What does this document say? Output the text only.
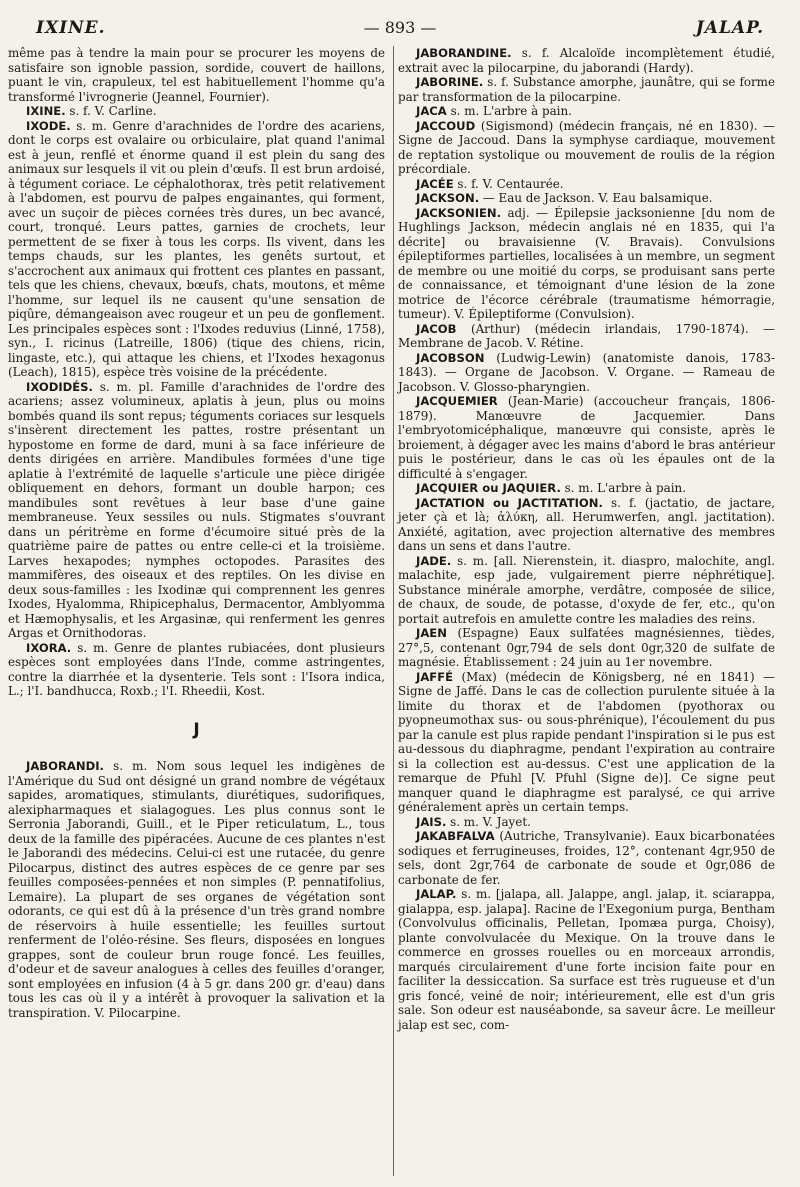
IXINE.	— 893 —	JALAP.

même pas à tendre la main pour se procurer les moyens de satisfaire son ignoble passion, sordide, couvert de haillons, puant le vin, crapuleux, tel est habituellement l'homme qu'a transformé l'ivrognerie (Jeannel, Fournier).

IXINE. s. f. V. Carline.

IXODE. s. m. Genre d'arachnides de l'ordre des acariens, dont le corps est ovalaire ou orbiculaire, plat quand l'animal est à jeun, renflé et énorme quand il est plein du sang des animaux sur lesquels il vit ou plein d'œufs. Il est brun ardoisé, à tégument coriace. Le céphalothorax, très petit relativement à l'abdomen, est pourvu de palpes engainantes, qui forment, avec un suçoir de pièces cornées très dures, un bec avancé, court, tronqué. Leurs pattes, garnies de crochets, leur permettent de se fixer à tous les corps. Ils vivent, dans les temps chauds, sur les plantes, les genêts surtout, et s'accrochent aux animaux qui frottent ces plantes en passant, tels que les chiens, chevaux, bœufs, chats, moutons, et même l'homme, sur lequel ils ne causent qu'une sensation de piqûre, démangeaison avec rougeur et un peu de gonflement. Les principales espèces sont : l'Ixodes reduvius (Linné, 1758), syn., I. ricinus (Latreille, 1806) (tique des chiens, ricin, lingaste, etc.), qui attaque les chiens, et l'Ixodes hexagonus (Leach), 1815), espèce très voisine de la précédente.

IXODIDÉS. s. m. pl. Famille d'arachnides de l'ordre des acariens; assez volumineux, aplatis à jeun, plus ou moins bombés quand ils sont repus; téguments coriaces sur lesquels s'insèrent directement les pattes, rostre présentant un hypostome en forme de dard, muni à sa face inférieure de dents dirigées en arrière. Mandibules formées d'une tige aplatie à l'extrémité de laquelle s'articule une pièce dirigée obliquement en dehors, formant un double harpon; ces mandibules sont revêtues à leur base d'une gaine membraneuse. Yeux sessiles ou nuls. Stigmates s'ouvrant dans un péritrème en forme d'écumoire situé près de la quatrième paire de pattes ou entre celle-ci et la troisième. Larves hexapodes; nymphes octopodes. Parasites des mammifères, des oiseaux et des reptiles. On les divise en deux sous-familles : les Ixodinæ qui comprennent les genres Ixodes, Hyalomma, Rhipicephalus, Dermacentor, Amblyomma et Hæmophysalis, et les Argasinæ, qui renferment les genres Argas et Ornithodoras.

IXORA. s. m. Genre de plantes rubiacées, dont plusieurs espèces sont employées dans l'Inde, comme astringentes, contre la diarrhée et la dysenterie. Tels sont : l'Isora indica, L.; l'I. bandhucca, Roxb.; l'I. Rheedii, Kost.

J

JABORANDI. s. m. Nom sous lequel les indigènes de l'Amérique du Sud ont désigné un grand nombre de végétaux sapides, aromatiques, stimulants, diurétiques, sudorifiques, alexipharmaques et sialagogues. Les plus connus sont le Serronia Jaborandi, Guill., et le Piper reticulatum, L., tous deux de la famille des pipéracées. Aucune de ces plantes n'est le Jaborandi des médecins. Celui-ci est une rutacée, du genre Pilocarpus, distinct des autres espèces de ce genre par ses feuilles composées-pennées et non simples (P. pennatifolius, Lemaire). La plupart de ses organes de végétation sont odorants, ce qui est dû à la présence d'un très grand nombre de réservoirs à huile essentielle; les feuilles surtout renferment de l'oléo-résine. Ses fleurs, disposées en longues grappes, sont de couleur brun rouge foncé. Les feuilles, d'odeur et de saveur analogues à celles des feuilles d'oranger, sont employées en infusion (4 à 5 gr. dans 200 gr. d'eau) dans tous les cas où il y a intérêt à provoquer la salivation et la transpiration. V. Pilocarpine.

JABORANDINE. s. f. Alcaloïde incomplètement étudié, extrait avec la pilocarpine, du jaborandi (Hardy).

JABORINE. s. f. Substance amorphe, jaunâtre, qui se forme par transformation de la pilocarpine.

JACA s. m. L'arbre à pain.

JACCOUD (Sigismond) (médecin français, né en 1830). — Signe de Jaccoud. Dans la symphyse cardiaque, mouvement de reptation systolique ou mouvement de roulis de la région précordiale.

JACÉE s. f. V. Centaurée.

JACKSON. — Eau de Jackson. V. Eau balsamique.

JACKSONIEN. adj. — Épilepsie jacksonienne [du nom de Hughlings Jackson, médecin anglais né en 1835, qui l'a décrite] ou bravaisienne (V. Bravais). Convulsions épileptiformes partielles, localisées à un membre, un segment de membre ou une moitié du corps, se produisant sans perte de connaissance, et témoignant d'une lésion de la zone motrice de l'écorce cérébrale (traumatisme hémorragie, tumeur). V. Épileptiforme (Convulsion).

JACOB (Arthur) (médecin irlandais, 1790-1874). — Membrane de Jacob. V. Rétine.

JACOBSON (Ludwig-Lewin) (anatomiste danois, 1783-1843). — Organe de Jacobson. V. Organe. — Rameau de Jacobson. V. Glosso-pharyngien.

JACQUEMIER (Jean-Marie) (accoucheur français, 1806-1879). Manœuvre de Jacquemier. Dans l'embryotomicéphalique, manœuvre qui consiste, après le broiement, à dégager avec les mains d'abord le bras antérieur puis le postérieur, dans le cas où les épaules ont de la difficulté à s'engager.

JACQUIER ou JAQUIER. s. m. L'arbre à pain.

JACTATION ou JACTITATION. s. f. (jactatio, de jactare, jeter çà et là; ἀλύκη, all. Herumwerfen, angl. jactitation). Anxiété, agitation, avec projection alternative des membres dans un sens et dans l'autre.

JADE. s. m. [all. Nierenstein, it. diaspro, malochite, angl. malachite, esp jade, vulgairement pierre néphrétique]. Substance minérale amorphe, verdâtre, composée de silice, de chaux, de soude, de potasse, d'oxyde de fer, etc., qu'on portait autrefois en amulette contre les maladies des reins.

JAEN (Espagne) Eaux sulfatées magnésiennes, tièdes, 27°,5, contenant 0gr,794 de sels dont 0gr,320 de sulfate de magnésie. Établissement : 24 juin au 1er novembre.

JAFFÉ (Max) (médecin de Königsberg, né en 1841) — Signe de Jaffé. Dans le cas de collection purulente située à la limite du thorax et de l'abdomen (pyothorax ou pyopneumothax sus- ou sous-phrénique), l'écoulement du pus par la canule est plus rapide pendant l'inspiration si le pus est au-dessous du diaphragme, pendant l'expiration au contraire si la collection est au-dessus. C'est une application de la remarque de Pfuhl [V. Pfuhl (Signe de)]. Ce signe peut manquer quand le diaphragme est paralysé, ce qui arrive généralement après un certain temps.

JAIS. s. m. V. Jayet.

JAKABFALVA (Autriche, Transylvanie). Eaux bicarbonatées sodiques et ferrugineuses, froides, 12°, contenant 4gr,950 de sels, dont 2gr,764 de carbonate de soude et 0gr,086 de carbonate de fer.

JALAP. s. m. [jalapa, all. Jalappe, angl. jalap, it. sciarappa, gialappa, esp. jalapa]. Racine de l'Exegonium purga, Bentham (Convolvulus officinalis, Pelletan, Ipomæa purga, Choisy), plante convolvulacée du Mexique. On la trouve dans le commerce en grosses rouelles ou en morceaux arrondis, marqués circulairement d'une forte incision faite pour en faciliter la dessiccation. Sa surface est très rugueuse et d'un gris foncé, veiné de noir; intérieurement, elle est d'un gris sale. Son odeur est nauséabonde, sa saveur âcre. Le meilleur jalap est sec, com-
